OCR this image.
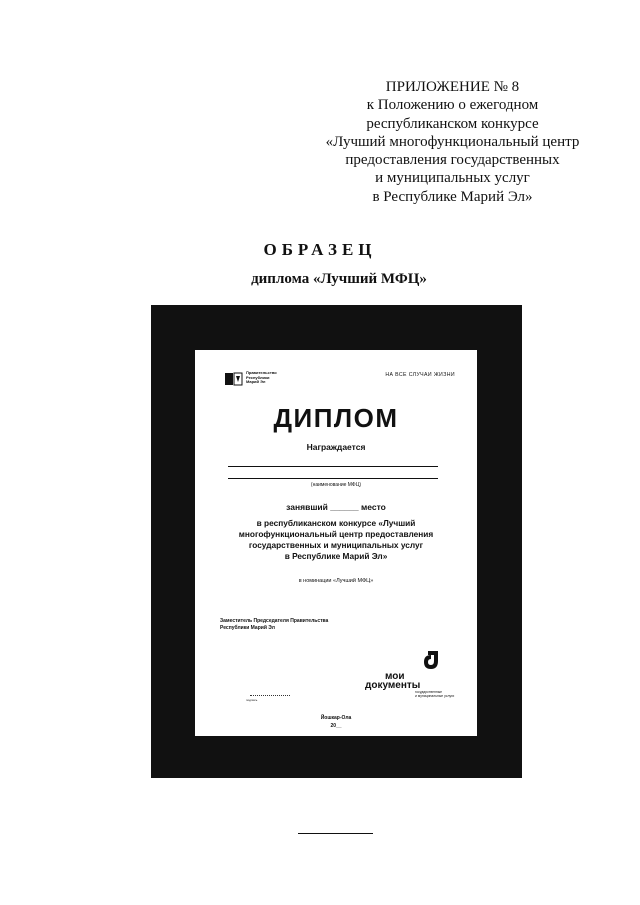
ПРИЛОЖЕНИЕ № 8
к Положению о ежегодном
республиканском конкурсе
«Лучший многофункциональный центр
предоставления государственных
и муниципальных услуг
в Республике Марий Эл»
ОБРАЗЕЦ
диплома «Лучший МФЦ»
Правительство
Республики
Марий Эл
НА ВСЕ СЛУЧАИ ЖИЗНИ
ДИПЛОМ
Награждается
(наименование МФЦ)
занявший ______ место
в республиканском конкурсе «Лучший
многофункциональный центр предоставления
государственных и муниципальных услуг
в Республике Марий Эл»
в номинации «Лучший МФЦ»
Заместитель Председателя Правительства
Республики Марий Эл
подпись
мои
документы
государственные
и муниципальные услуги
Йошкар-Ола
20__
